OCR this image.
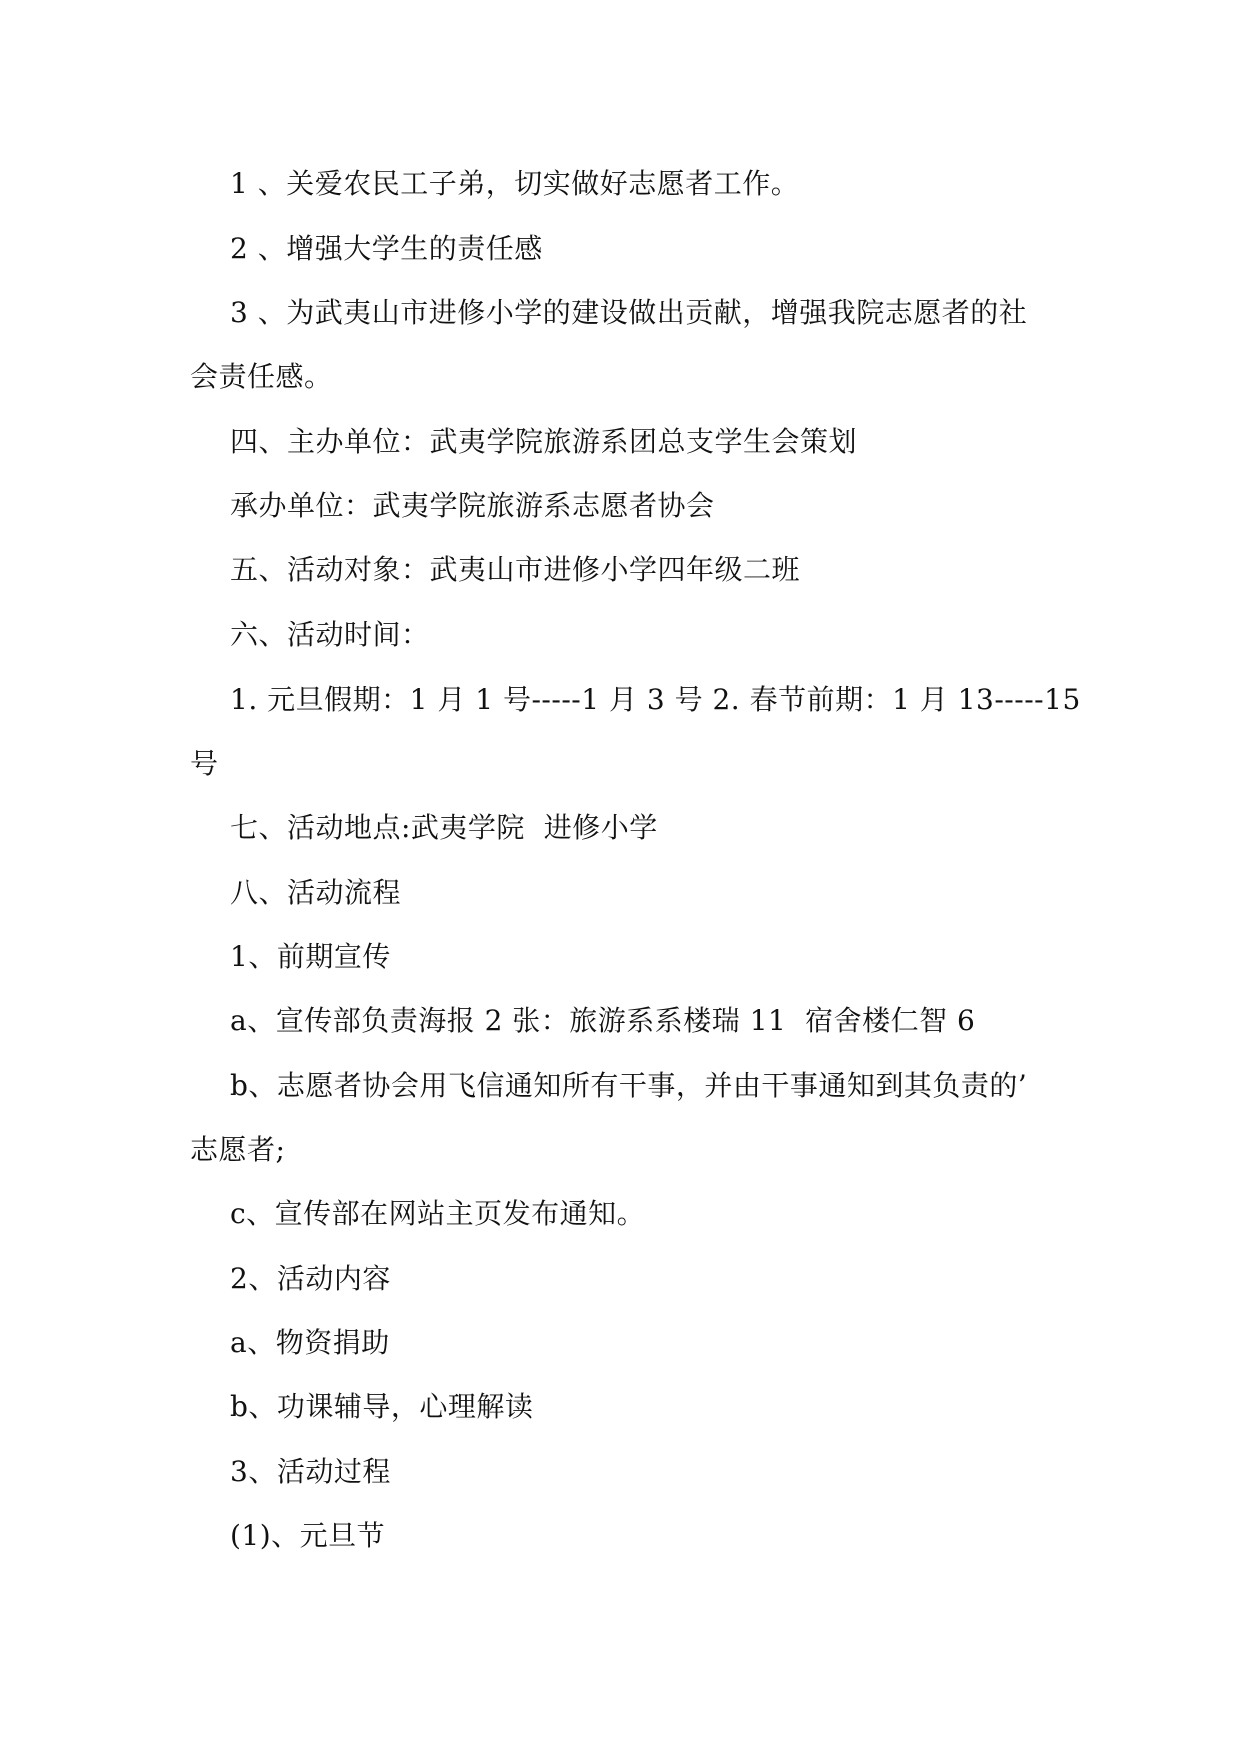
1 、关爱农民工子弟，切实做好志愿者工作。
2 、增强大学生的责任感
3 、为武夷山市进修小学的建设做出贡献，增强我院志愿者的社
会责任感。
四、主办单位：武夷学院旅游系团总支学生会策划
承办单位：武夷学院旅游系志愿者协会
五、活动对象：武夷山市进修小学四年级二班
六、活动时间：
1. 元旦假期：1 月 1 号-----1 月 3 号 2. 春节前期：1 月 13-----15
号
七、活动地点:武夷学院  进修小学
八、活动流程
1、前期宣传
a、宣传部负责海报 2 张：旅游系系楼瑞 11  宿舍楼仁智 6
b、志愿者协会用飞信通知所有干事，并由干事通知到其负责的’
志愿者;
c、宣传部在网站主页发布通知。
2、活动内容
a、物资捐助
b、功课辅导，心理解读
3、活动过程
(1)、元旦节
